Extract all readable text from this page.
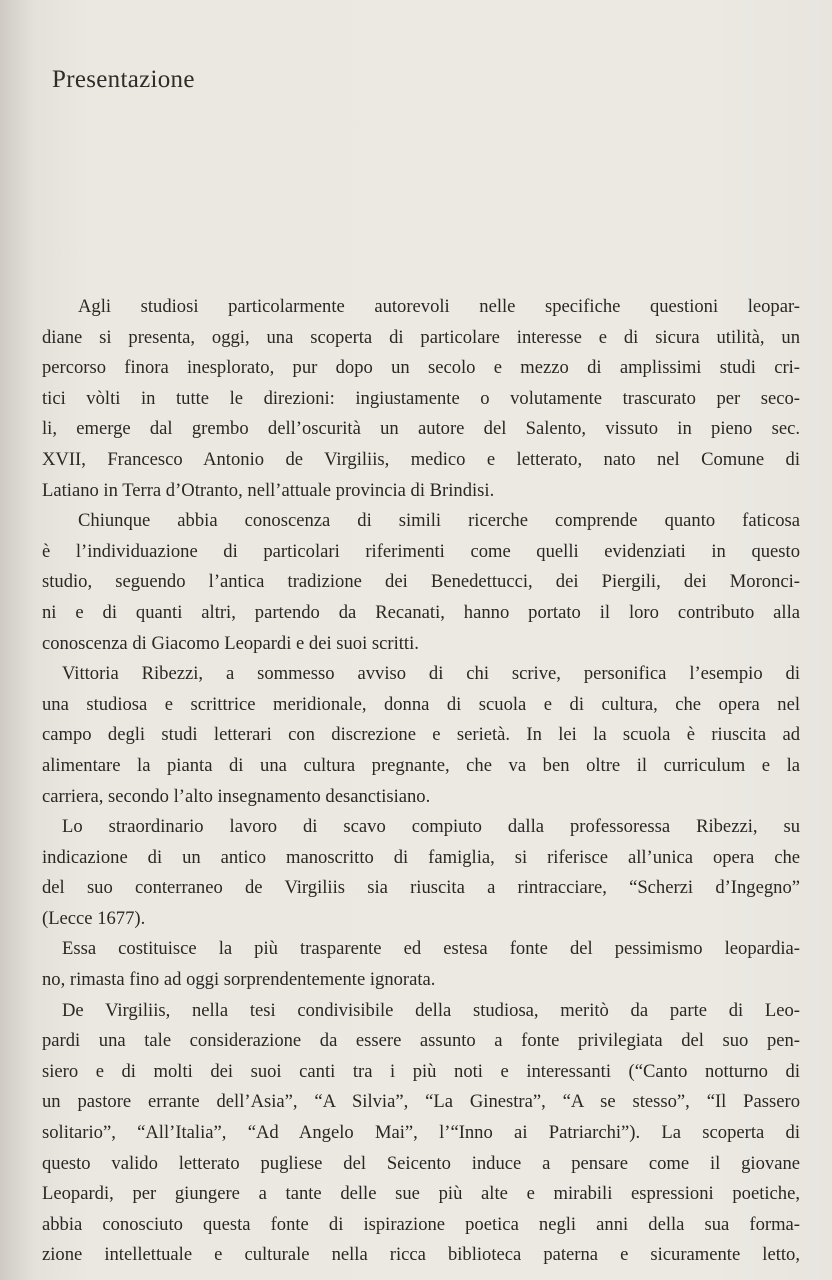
Presentazione
Agli studiosi particolarmente autorevoli nelle specifiche questioni leopar-
diane si presenta, oggi, una scoperta di particolare interesse e di sicura utilità, un
percorso finora inesplorato, pur dopo un secolo e mezzo di amplissimi studi cri-
tici vòlti in tutte le direzioni: ingiustamente o volutamente trascurato per seco-
li, emerge dal grembo dell’oscurità un autore del Salento, vissuto in pieno sec.
XVII, Francesco Antonio de Virgiliis, medico e letterato, nato nel Comune di
Latiano in Terra d’Otranto, nell’attuale provincia di Brindisi.
Chiunque abbia conoscenza di simili ricerche comprende quanto faticosa
è l’individuazione di particolari riferimenti come quelli evidenziati in questo
studio, seguendo l’antica tradizione dei Benedettucci, dei Piergili, dei Moronci-
ni e di quanti altri, partendo da Recanati, hanno portato il loro contributo alla
conoscenza di Giacomo Leopardi e dei suoi scritti.
Vittoria Ribezzi, a sommesso avviso di chi scrive, personifica l’esempio di
una studiosa e scrittrice meridionale, donna di scuola e di cultura, che opera nel
campo degli studi letterari con discrezione e serietà. In lei la scuola è riuscita ad
alimentare la pianta di una cultura pregnante, che va ben oltre il curriculum e la
carriera, secondo l’alto insegnamento desanctisiano.
Lo straordinario lavoro di scavo compiuto dalla professoressa Ribezzi, su
indicazione di un antico manoscritto di famiglia, si riferisce all’unica opera che
del suo conterraneo de Virgiliis sia riuscita a rintracciare, “Scherzi d’Ingegno”
(Lecce 1677).
Essa costituisce la più trasparente ed estesa fonte del pessimismo leopardia-
no, rimasta fino ad oggi sorprendentemente ignorata.
De Virgiliis, nella tesi condivisibile della studiosa, meritò da parte di Leo-
pardi una tale considerazione da essere assunto a fonte privilegiata del suo pen-
siero e di molti dei suoi canti tra i più noti e interessanti (“Canto notturno di
un pastore errante dell’Asia”, “A Silvia”, “La Ginestra”, “A se stesso”, “Il Passero
solitario”, “All’Italia”, “Ad Angelo Mai”, l’“Inno ai Patriarchi”). La scoperta di
questo valido letterato pugliese del Seicento induce a pensare come il giovane
Leopardi, per giungere a tante delle sue più alte e mirabili espressioni poetiche,
abbia conosciuto questa fonte di ispirazione poetica negli anni della sua forma-
zione intellettuale e culturale nella ricca biblioteca paterna e sicuramente letto,
